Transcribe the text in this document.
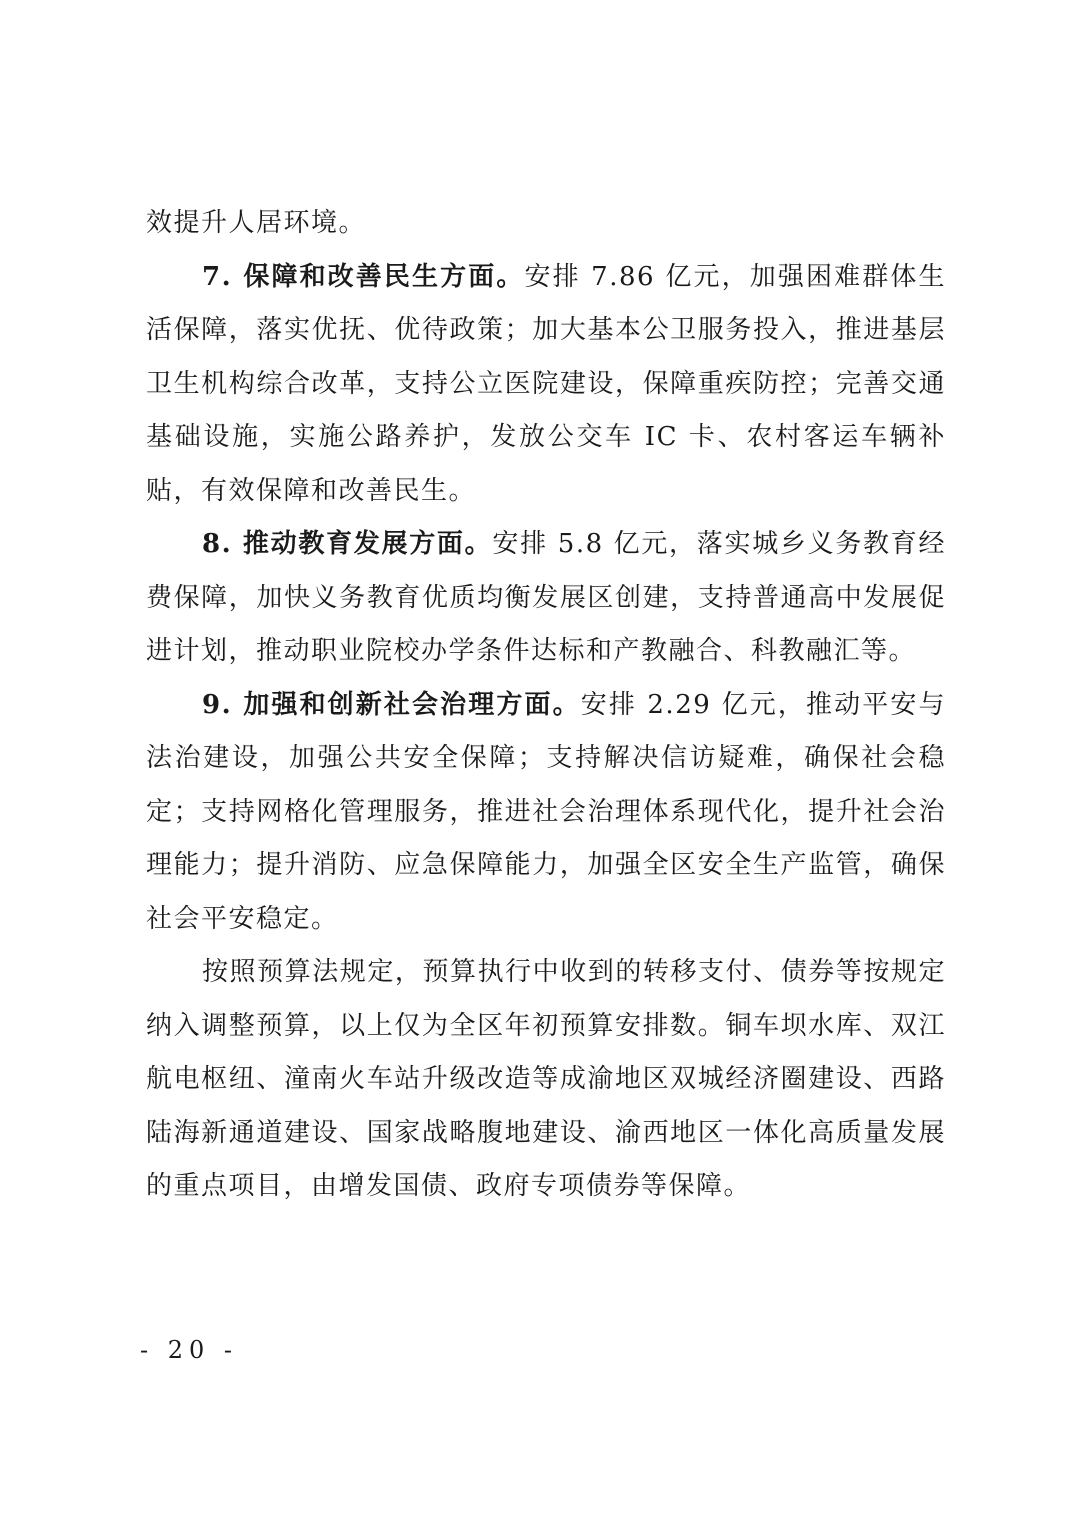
效提升人居环境。

7. 保障和改善民生方面。安排 7.86 亿元，加强困难群体生活保障，落实优抚、优待政策；加大基本公卫服务投入，推进基层卫生机构综合改革，支持公立医院建设，保障重疾防控；完善交通基础设施，实施公路养护，发放公交车 IC 卡、农村客运车辆补贴，有效保障和改善民生。

8. 推动教育发展方面。安排 5.8 亿元，落实城乡义务教育经费保障，加快义务教育优质均衡发展区创建，支持普通高中发展促进计划，推动职业院校办学条件达标和产教融合、科教融汇等。

9. 加强和创新社会治理方面。安排 2.29 亿元，推动平安与法治建设，加强公共安全保障；支持解决信访疑难，确保社会稳定；支持网格化管理服务，推进社会治理体系现代化，提升社会治理能力；提升消防、应急保障能力，加强全区安全生产监管，确保社会平安稳定。

按照预算法规定，预算执行中收到的转移支付、债券等按规定纳入调整预算，以上仅为全区年初预算安排数。铜车坝水库、双江航电枢纽、潼南火车站升级改造等成渝地区双城经济圈建设、西路陆海新通道建设、国家战略腹地建设、渝西地区一体化高质量发展的重点项目，由增发国债、政府专项债券等保障。

- 20 -
